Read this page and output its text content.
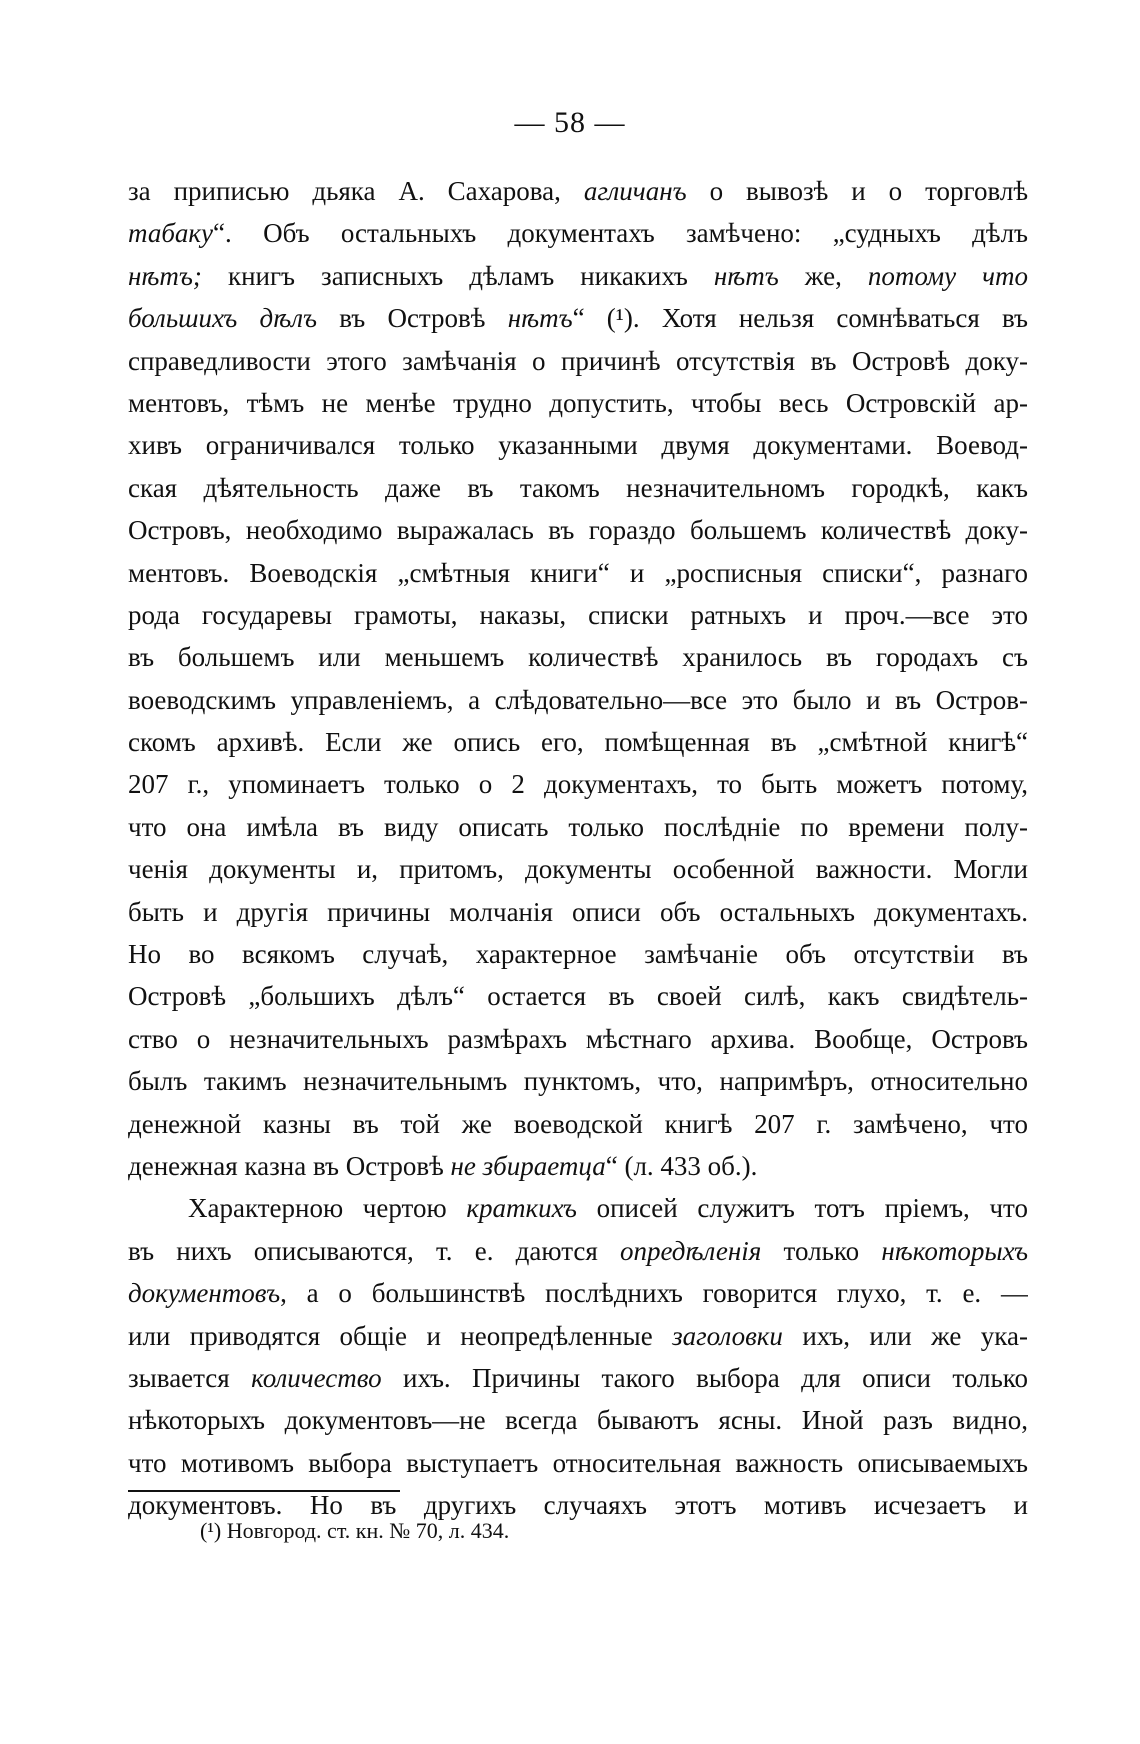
— 58 —
за приписью дьяка А. Сахарова, агличанъ о вывозѣ и о торговлѣ
табаку“. Объ остальныхъ документахъ замѣчено: „судныхъ дѣлъ
нѣтъ; книгъ записныхъ дѣламъ никакихъ нѣтъ же, потому что
большихъ дѣлъ въ Островѣ нѣтъ“ (¹). Хотя нельзя сомнѣваться въ
справедливости этого замѣчанія о причинѣ отсутствія въ Островѣ доку-
ментовъ, тѣмъ не менѣе трудно допустить, чтобы весь Островскій ар-
хивъ ограничивался только указанными двумя документами. Воевод-
ская дѣятельность даже въ такомъ незначительномъ городкѣ, какъ
Островъ, необходимо выражалась въ гораздо большемъ количествѣ доку-
ментовъ. Воеводскія „смѣтныя книги“ и „росписныя списки“, разнаго
рода государевы грамоты, наказы, списки ратныхъ и проч.—все это
въ большемъ или меньшемъ количествѣ хранилось въ городахъ съ
воеводскимъ управленіемъ, а слѣдовательно—все это было и въ Остров-
скомъ архивѣ. Если же опись его, помѣщенная въ „смѣтной книгѣ“
207 г., упоминаетъ только о 2 документахъ, то быть можетъ потому,
что она имѣла въ виду описать только послѣдніе по времени полу-
ченія документы и, притомъ, документы особенной важности. Могли
быть и другія причины молчанія описи объ остальныхъ документахъ.
Но во всякомъ случаѣ, характерное замѣчаніе объ отсутствіи въ
Островѣ „большихъ дѣлъ“ остается въ своей силѣ, какъ свидѣтель-
ство о незначительныхъ размѣрахъ мѣстнаго архива. Вообще, Островъ
былъ такимъ незначительнымъ пунктомъ, что, напримѣръ, относительно
денежной казны въ той же воеводской книгѣ 207 г. замѣчено, что
денежная казна въ Островѣ не збираетца“ (л. 433 об.).
Характерною чертою краткихъ описей служитъ тотъ пріемъ, что
въ нихъ описываются, т. е. даются опредѣленія только нѣкоторыхъ
документовъ, а о большинствѣ послѣднихъ говорится глухо, т. е. —
или приводятся общіе и неопредѣленные заголовки ихъ, или же ука-
зывается количество ихъ. Причины такого выбора для описи только
нѣкоторыхъ документовъ—не всегда бываютъ ясны. Иной разъ видно,
что мотивомъ выбора выступаетъ относительная важность описываемыхъ
документовъ. Но въ другихъ случаяхъ этотъ мотивъ исчезаетъ и
(¹) Новгород. ст. кн. № 70, л. 434.
